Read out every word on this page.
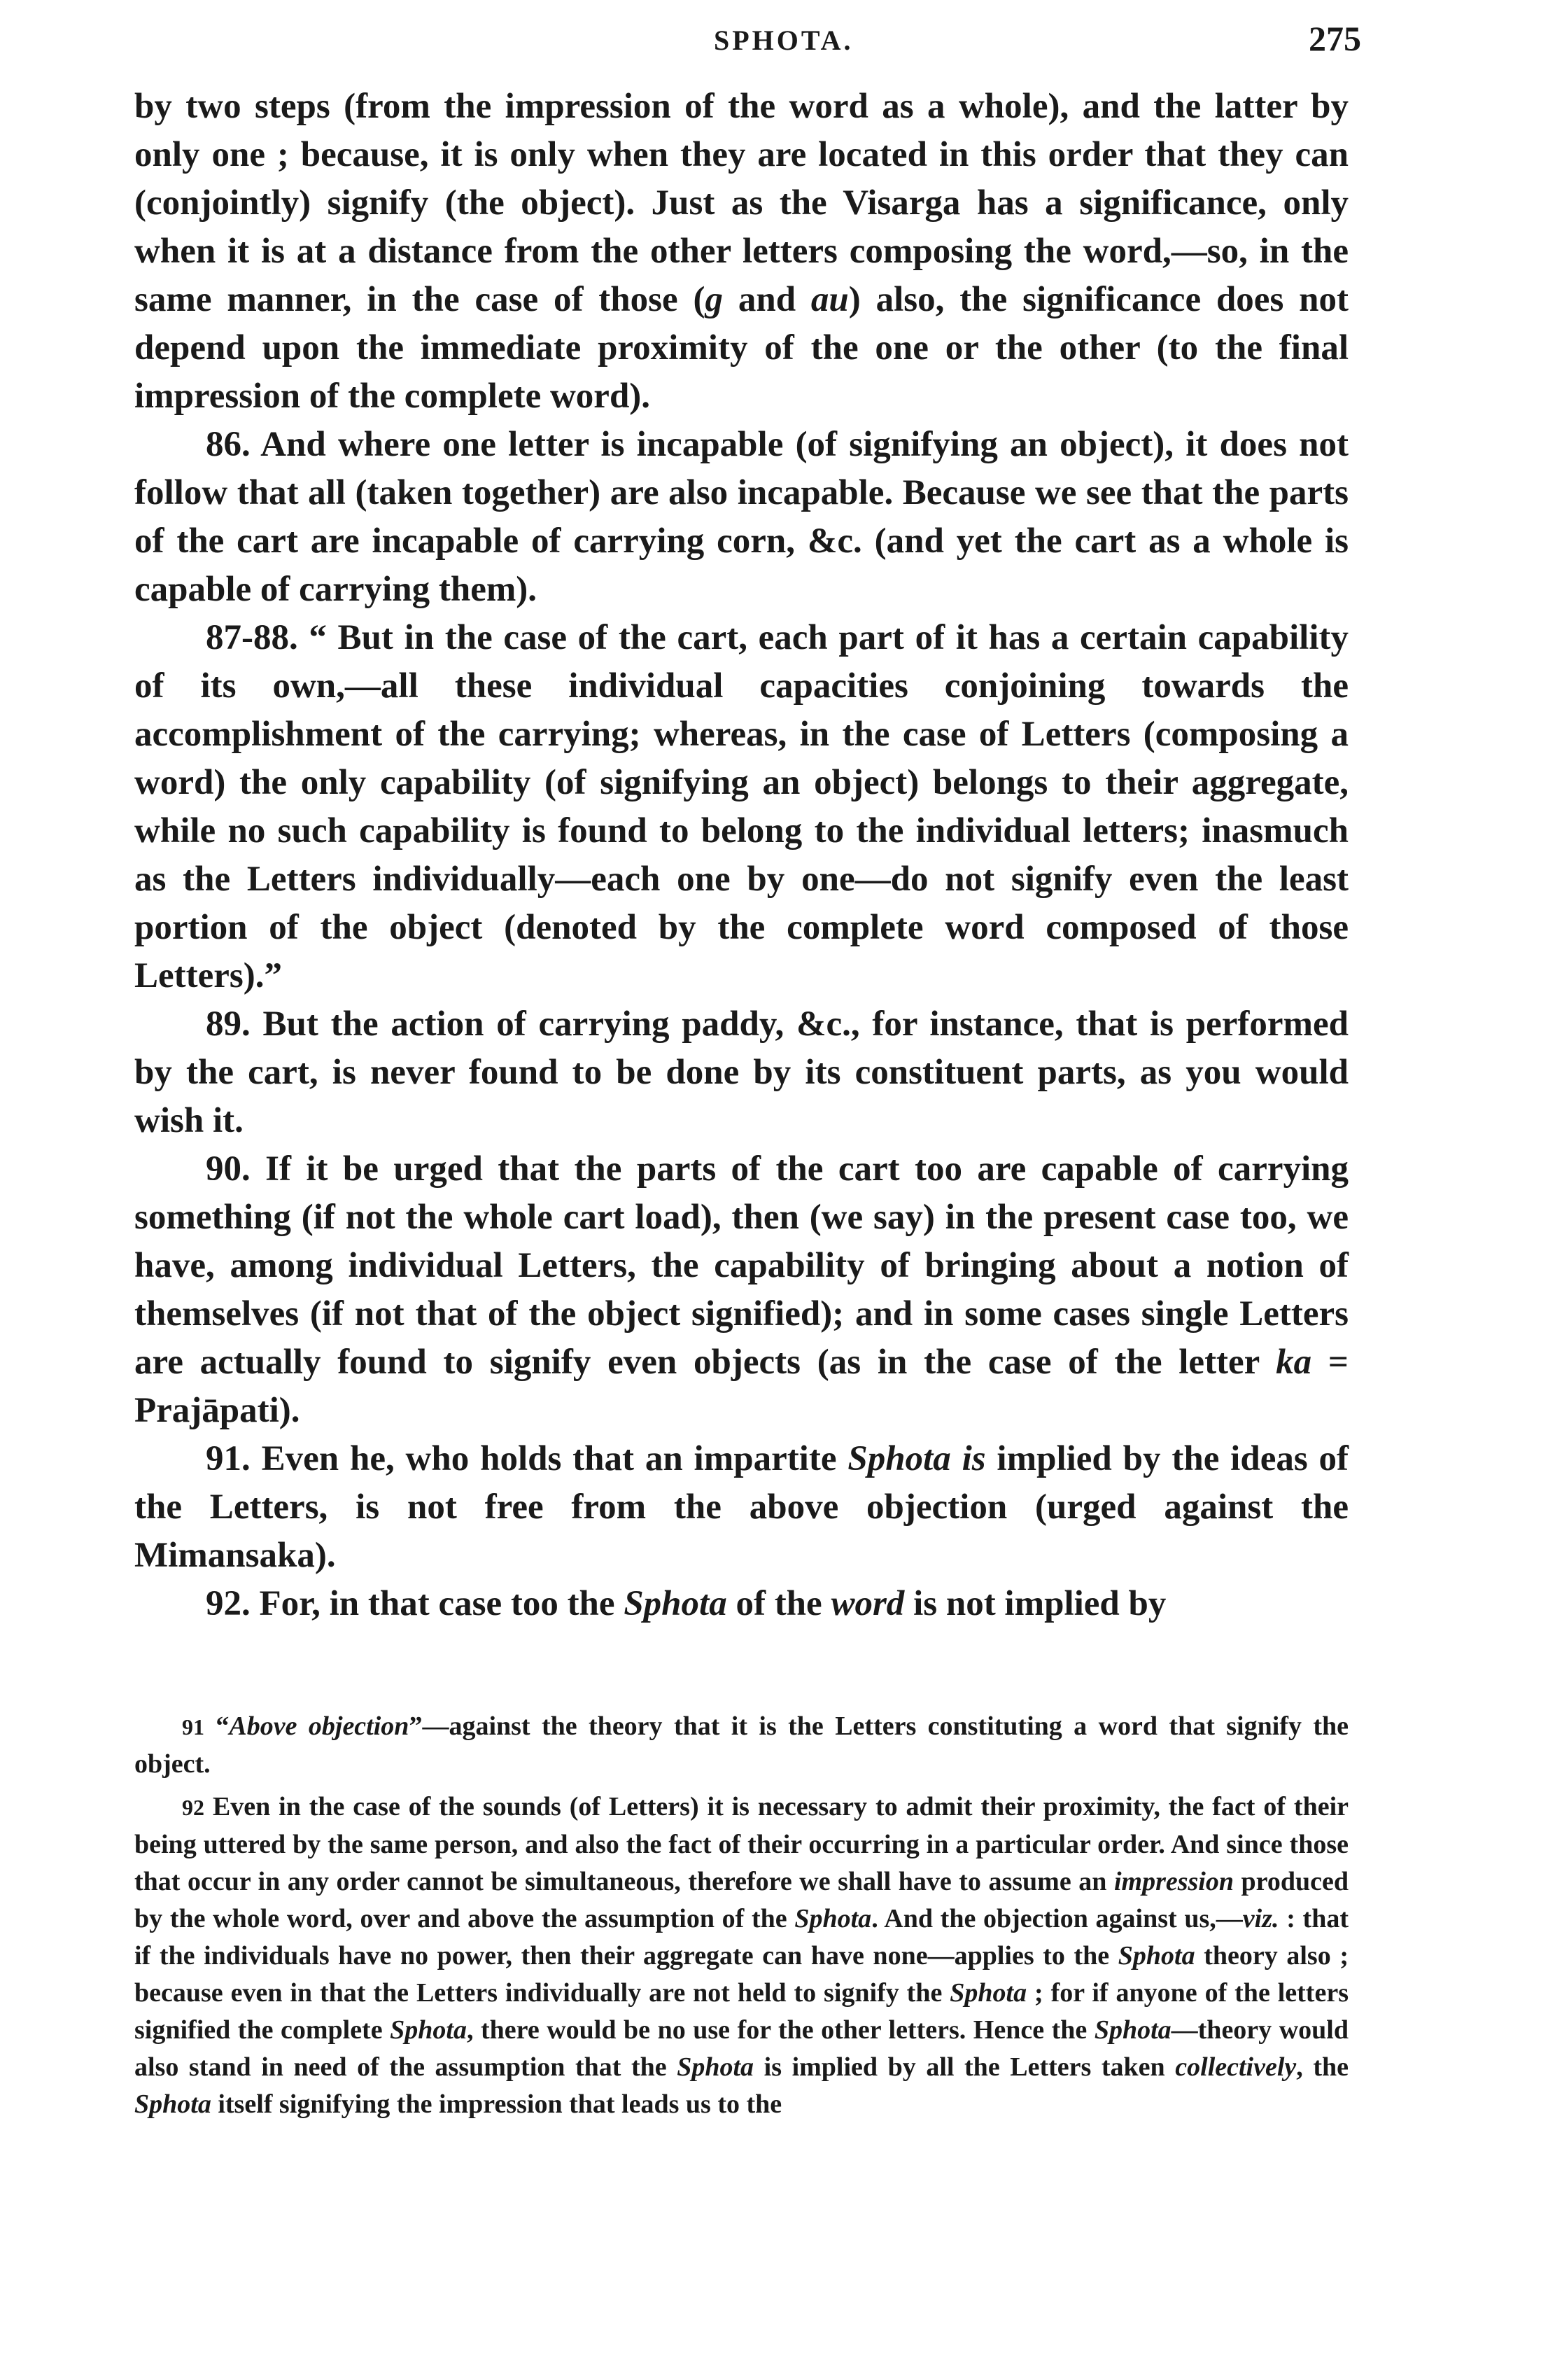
SPHOTA.	275

by two steps (from the impression of the word as a whole), and the latter by only one ; because, it is only when they are located in this order that they can (conjointly) signify (the object). Just as the Visarga has a significance, only when it is at a distance from the other letters composing the word,—so, in the same manner, in the case of those (g and au) also, the significance does not depend upon the immediate proximity of the one or the other (to the final impression of the complete word).

86. And where one letter is incapable (of signifying an object), it does not follow that all (taken together) are also incapable. Because we see that the parts of the cart are incapable of carrying corn, &c. (and yet the cart as a whole is capable of carrying them).

87-88. “ But in the case of the cart, each part of it has a certain capability of its own,—all these individual capacities conjoining towards the accomplishment of the carrying; whereas, in the case of Letters (composing a word) the only capability (of signifying an object) belongs to their aggregate, while no such capability is found to belong to the individual letters; inasmuch as the Letters individually—each one by one—do not signify even the least portion of the object (denoted by the complete word composed of those Letters).”

89. But the action of carrying paddy, &c., for instance, that is performed by the cart, is never found to be done by its constituent parts, as you would wish it.

90. If it be urged that the parts of the cart too are capable of carrying something (if not the whole cart load), then (we say) in the present case too, we have, among individual Letters, the capability of bringing about a notion of themselves (if not that of the object signified); and in some cases single Letters are actually found to signify even objects (as in the case of the letter ka = Prajāpati).

91. Even he, who holds that an impartite Sphota is implied by the ideas of the Letters, is not free from the above objection (urged against the Mimansaka).

92. For, in that case too the Sphota of the word is not implied by

91 “Above objection”—against the theory that it is the Letters constituting a word that signify the object.

92 Even in the case of the sounds (of Letters) it is necessary to admit their proximity, the fact of their being uttered by the same person, and also the fact of their occurring in a particular order. And since those that occur in any order cannot be simultaneous, therefore we shall have to assume an impression produced by the whole word, over and above the assumption of the Sphota. And the objection against us,—viz. : that if the individuals have no power, then their aggregate can have none—applies to the Sphota theory also ; because even in that the Letters individually are not held to signify the Sphota ; for if anyone of the letters signified the complete Sphota, there would be no use for the other letters. Hence the Sphota—theory would also stand in need of the assumption that the Sphota is implied by all the Letters taken collectively, the Sphota itself signifying the impression that leads us to the
